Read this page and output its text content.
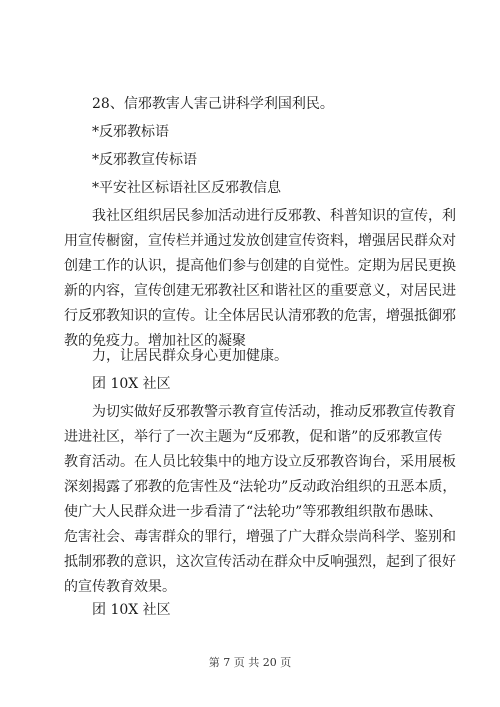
28、信邪教害人害己讲科学利国利民。
*反邪教标语
*反邪教宣传标语
*平安社区标语社区反邪教信息
我社区组织居民参加活动进行反邪教、科普知识的宣传，利
用宣传橱窗，宣传栏并通过发放创建宣传资料，增强居民群众对
创建工作的认识，提高他们参与创建的自觉性。定期为居民更换
新的内容，宣传创建无邪教社区和谐社区的重要意义，对居民进
行反邪教知识的宣传。让全体居民认清邪教的危害，增强抵御邪
教的免疫力。增加社区的凝聚
力，让居民群众身心更加健康。
团 10X 社区
为切实做好反邪教警示教育宣传活动，推动反邪教宣传教育
进进社区，举行了一次主题为“反邪教，促和谐”的反邪教宣传
教育活动。在人员比较集中的地方设立反邪教咨询台，采用展板
深刻揭露了邪教的危害性及“法轮功”反动政治组织的丑恶本质，
使广大人民群众进一步看清了“法轮功”等邪教组织散布愚昧、
危害社会、毒害群众的罪行，增强了广大群众崇尚科学、鉴别和
抵制邪教的意识，这次宣传活动在群众中反响强烈，起到了很好
的宣传教育效果。
团 10X 社区
第 7 页 共 20 页
